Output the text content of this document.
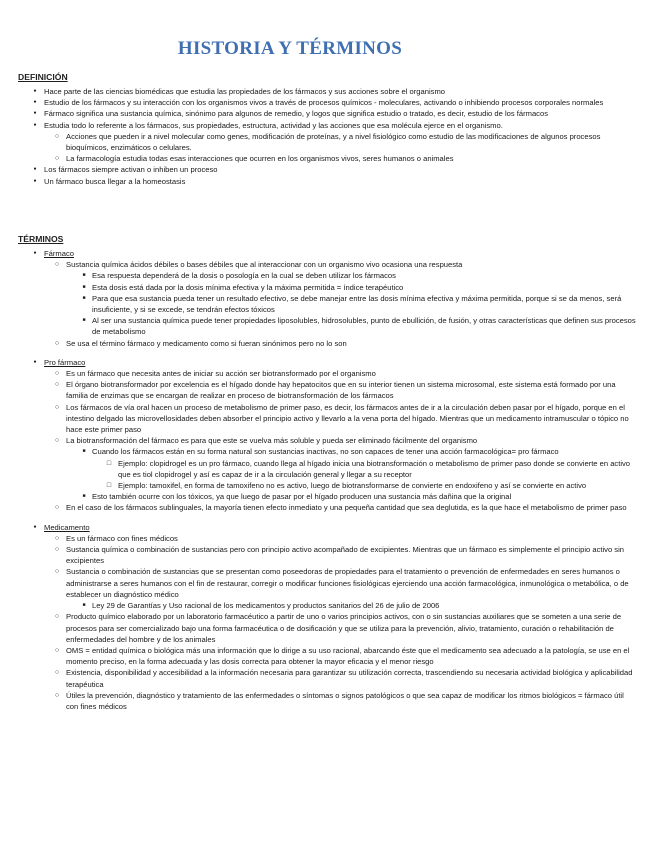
HISTORIA Y TÉRMINOS
DEFINICIÓN
●
Hace parte de las ciencias biomédicas que estudia las propiedades de los fármacos y sus acciones sobre el organismo
●
Estudio de los fármacos y su interacción con los organismos vivos a través de procesos químicos - moleculares, activando o inhibiendo procesos corporales normales
●
Fármaco significa una sustancia química, sinónimo para algunos de remedio, y logos que significa estudio o tratado, es decir, estudio de los fármacos
●
Estudia todo lo referente a los fármacos, sus propiedades, estructura, actividad y las acciones que esa molécula ejerce en el organismo.
○
Acciones que pueden ir a nivel molecular como genes, modificación de proteínas, y a nivel fisiológico como estudio de las modificaciones de algunos procesos bioquímicos, enzimáticos o celulares.
○
La farmacología estudia todas esas interacciones que ocurren en los organismos vivos, seres humanos o animales
●
Los fármacos siempre activan o inhiben un proceso
●
Un fármaco busca llegar a la homeostasis
TÉRMINOS
●
Fármaco
○
Sustancia química ácidos débiles o bases débiles que al interaccionar con un organismo vivo ocasiona una respuesta
■
Esa respuesta dependerá de la dosis o posología en la cual se deben utilizar los fármacos
■
Esta dosis está dada por la dosis mínima efectiva y la máxima permitida = índice terapéutico
■
Para que esa sustancia pueda tener un resultado efectivo, se debe manejar entre las dosis mínima efectiva y máxima permitida, porque si se da menos, será insuficiente, y si se excede, se tendrán efectos tóxicos
■
Al ser una sustancia química puede tener propiedades liposolubles, hidrosolubles, punto de ebullición, de fusión, y otras características que definen sus procesos de metabolismo
○
Se usa el término fármaco y medicamento como si fueran sinónimos pero no lo son
●
Pro fármaco
○
Es un fármaco que necesita antes de iniciar su acción ser biotransformado por el organismo
○
El órgano biotransformador por excelencia es el hígado donde hay hepatocitos que en su interior tienen un sistema microsomal, este sistema está formado por una familia de enzimas que se encargan de realizar en proceso de biotransformación de los fármacos
○
Los fármacos de vía oral hacen un proceso de metabolismo de primer paso, es decir, los fármacos antes de ir a la circulación deben pasar por el hígado, porque en el intestino delgado las microvellosidades deben absorber el principio activo y llevarlo a la vena porta del hígado. Mientras que un medicamento intramuscular o tópico no hace este primer paso
○
La biotransformación del fármaco es para que este se vuelva más soluble y pueda ser eliminado fácilmente del organismo
■
Cuando los fármacos están en su forma natural son sustancias inactivas, no son capaces de tener una acción farmacológica= pro fármaco
□
Ejemplo: clopidrogel es un pro fármaco, cuando llega al hígado inicia una biotransformación o metabolismo de primer paso donde se convierte en activo que es tiol clopidrogel y así es capaz de ir a la circulación general y llegar a su receptor
□
Ejemplo: tamoxifel, en forma de tamoxifeno no es activo, luego de biotransformarse de convierte en endoxifeno y así se convierte en activo
■
Esto también ocurre con los tóxicos, ya que luego de pasar por el hígado producen una sustancia más dañina que la original
○
En el caso de los fármacos sublinguales, la mayoría tienen efecto inmediato y una pequeña cantidad que sea deglutida, es la que hace el metabolismo de primer paso
●
Medicamento
○
Es un fármaco con fines médicos
○
Sustancia química o combinación de sustancias pero con principio activo acompañado de excipientes. Mientras que un fármaco es simplemente el principio activo sin excipientes
○
Sustancia o combinación de sustancias que se presentan como poseedoras de propiedades para el tratamiento o prevención de enfermedades en seres humanos o administrarse a seres humanos con el fin de restaurar, corregir o modificar funciones fisiológicas ejerciendo una acción farmacológica, inmunológica o metabólica, o de establecer un diagnóstico médico
■
Ley 29 de Garantías y Uso racional de los medicamentos y productos sanitarios del 26 de julio de 2006
○
Producto químico elaborado por un laboratorio farmacéutico a partir de uno o varios principios activos, con o sin sustancias auxiliares que se someten a una serie de procesos para ser comercializado bajo una forma farmacéutica o de dosificación y que se utiliza para la prevención, alivio, tratamiento, curación o rehabilitación de enfermedades del hombre y de los animales
○
OMS = entidad química o biológica más una información que lo dirige a su uso racional, abarcando éste que el medicamento sea adecuado a la patología, se use en el momento preciso, en la forma adecuada y las dosis correcta para obtener la mayor eficacia y el menor riesgo
○
Existencia, disponibilidad y accesibilidad a la información necesaria para garantizar su utilización correcta, trascendiendo su necesaria actividad biológica y aplicabilidad terapéutica
○
Útiles la prevención, diagnóstico y tratamiento de las enfermedades o síntomas o signos patológicos o que sea capaz de modificar los ritmos biológicos = fármaco útil con fines médicos
